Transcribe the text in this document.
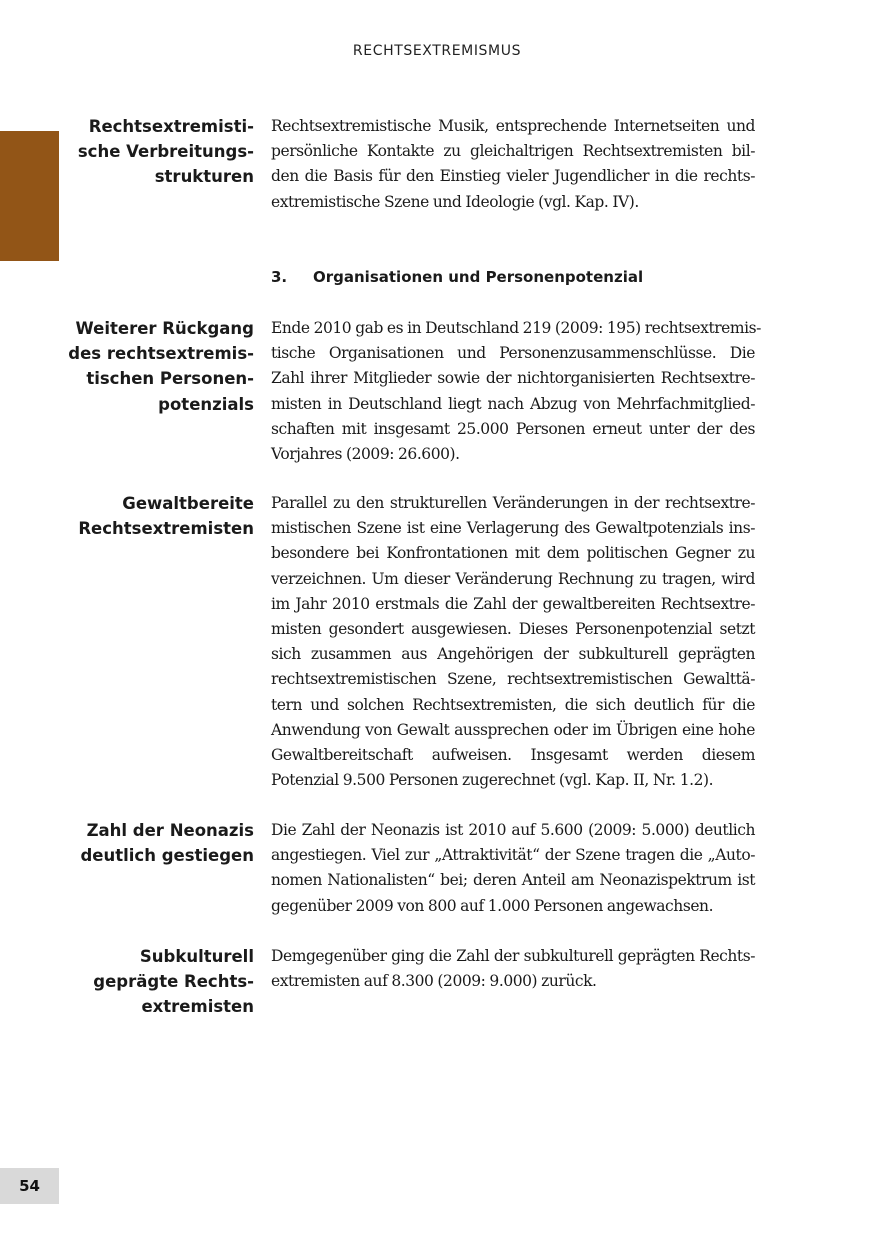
RECHTSEXTREMISMUS
Rechtsextremisti-
sche Verbreitungs-
strukturen
Rechtsextremistische Musik, entsprechende Internetseiten und
persönliche Kontakte zu gleichaltrigen Rechtsextremisten bil-
den die Basis für den Einstieg vieler Jugendlicher in die rechts-
extremistische Szene und Ideologie (vgl. Kap. IV).
3. Organisationen und Personenpotenzial
Weiterer Rückgang
des rechtsextremis-
tischen Personen-
potenzials
Ende 2010 gab es in Deutschland 219 (2009: 195) rechtsextremis-
tische Organisationen und Personenzusammenschlüsse. Die
Zahl ihrer Mitglieder sowie der nichtorganisierten Rechtsextre-
misten in Deutschland liegt nach Abzug von Mehrfachmitglied-
schaften mit insgesamt 25.000 Personen erneut unter der des
Vorjahres (2009: 26.600).
Gewaltbereite
Rechtsextremisten
Parallel zu den strukturellen Veränderungen in der rechtsextre-
mistischen Szene ist eine Verlagerung des Gewaltpotenzials ins-
besondere bei Konfrontationen mit dem politischen Gegner zu
verzeichnen. Um dieser Veränderung Rechnung zu tragen, wird
im Jahr 2010 erstmals die Zahl der gewaltbereiten Rechtsextre-
misten gesondert ausgewiesen. Dieses Personenpotenzial setzt
sich zusammen aus Angehörigen der subkulturell geprägten
rechtsextremistischen Szene, rechtsextremistischen Gewalttä-
tern und solchen Rechtsextremisten, die sich deutlich für die
Anwendung von Gewalt aussprechen oder im Übrigen eine hohe
Gewaltbereitschaft aufweisen. Insgesamt werden diesem
Potenzial 9.500 Personen zugerechnet (vgl. Kap. II, Nr. 1.2).
Zahl der Neonazis
deutlich gestiegen
Die Zahl der Neonazis ist 2010 auf 5.600 (2009: 5.000) deutlich
angestiegen. Viel zur „Attraktivität“ der Szene tragen die „Auto-
nomen Nationalisten“ bei; deren Anteil am Neonazispektrum ist
gegenüber 2009 von 800 auf 1.000 Personen angewachsen.
Subkulturell
geprägte Rechts-
extremisten
Demgegenüber ging die Zahl der subkulturell geprägten Rechts-
extremisten auf 8.300 (2009: 9.000) zurück.
54
